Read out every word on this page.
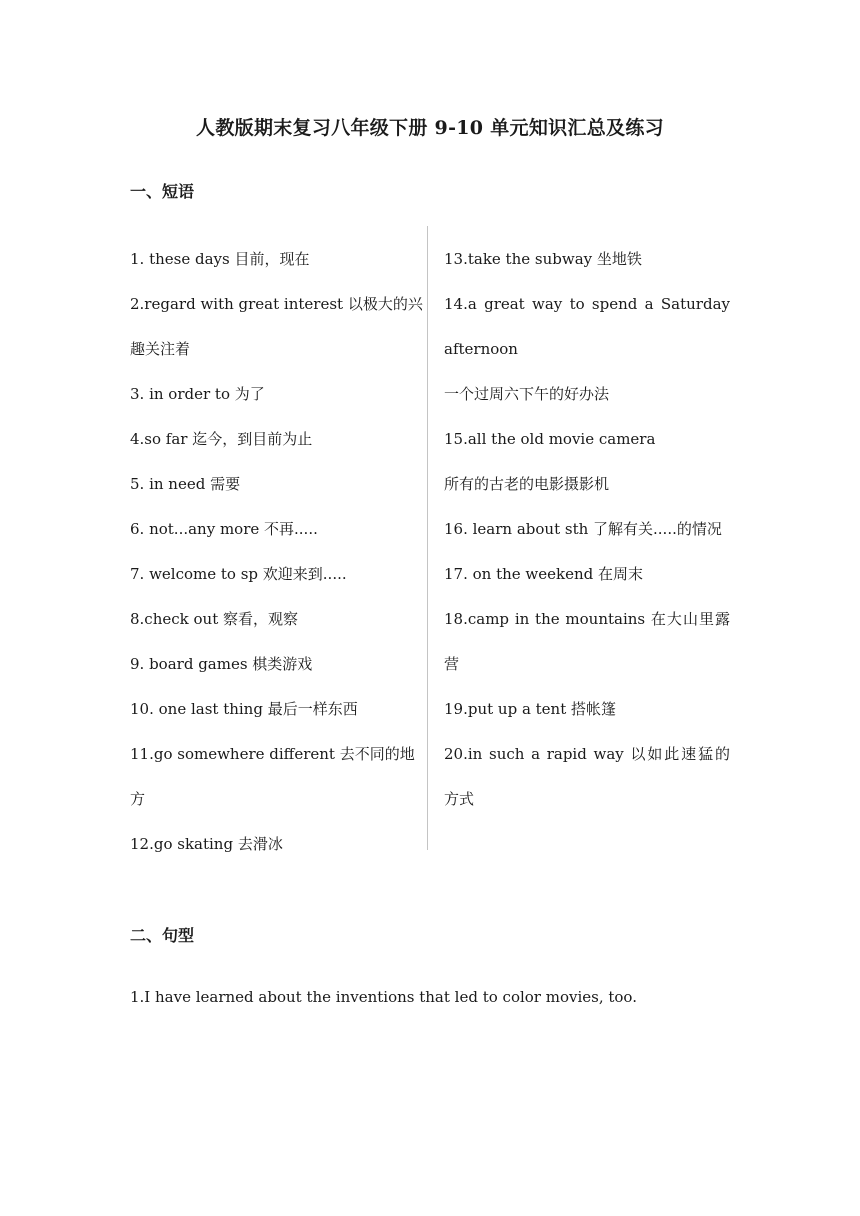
人教版期末复习八年级下册 9-10 单元知识汇总及练习
一、短语
1. these days 目前，现在
2.regard with great interest 以极大的兴
趣关注着
3. in order to 为了
4.so far 迄今，到目前为止
5. in need 需要
6. not...any more 不再.....
7. welcome to sp 欢迎来到.....
8.check out 察看，观察
9. board games 棋类游戏
10. one last thing 最后一样东西
11.go somewhere different 去不同的地
方
12.go skating 去滑冰
13.take the subway 坐地铁
14.a great way to spend a Saturday
afternoon
一个过周六下午的好办法
15.all the old movie camera
所有的古老的电影摄影机
16. learn about sth 了解有关.....的情况
17. on the weekend 在周末
18.camp in the mountains 在大山里露
营
19.put up a tent 搭帐篷
20.in such a rapid way 以如此速猛的
方式
二、句型
1.I have learned about the inventions that led to color movies, too.
